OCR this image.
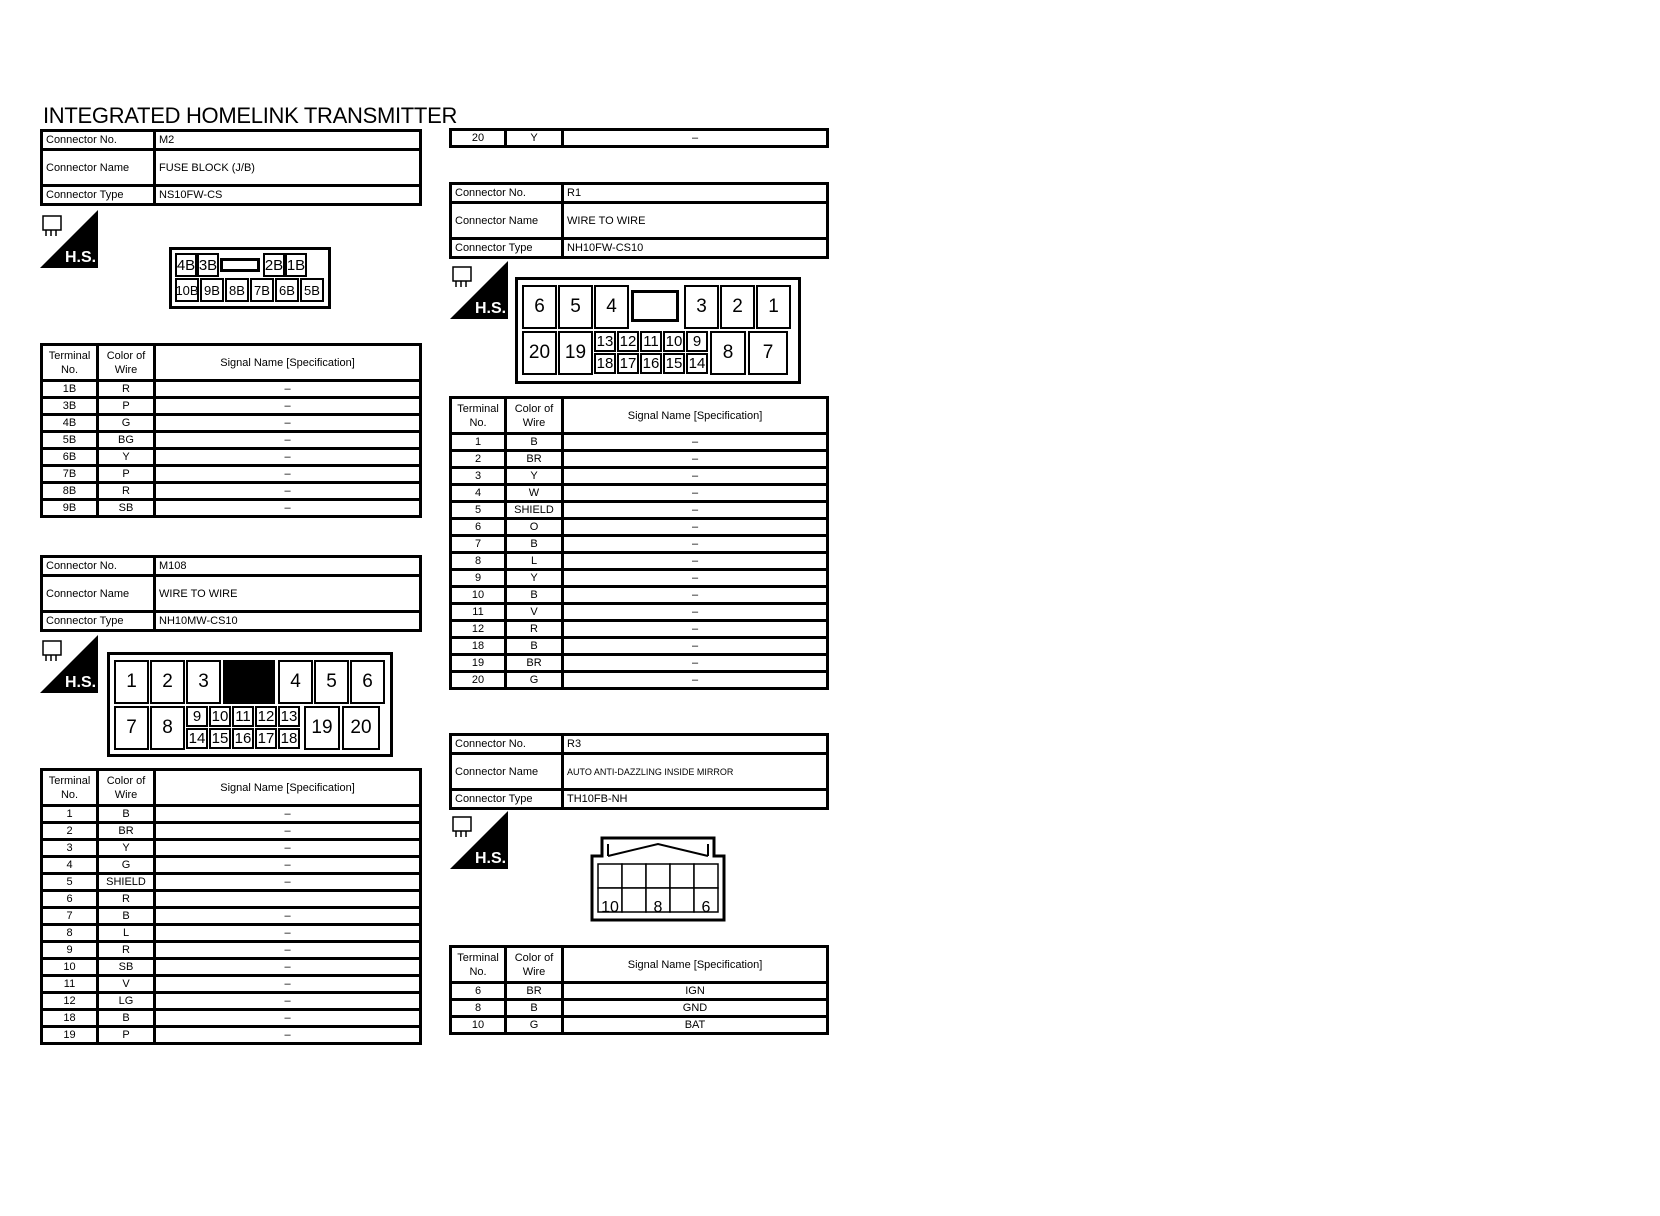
INTEGRATED HOMELINK TRANSMITTER
Connector No.	M2
Connector Name	FUSE BLOCK (J/B)
Connector Type	NS10FW-CS
H.S.	4B 3B	2B 1B
10B 9B 8B 7B 6B 5B
Terminal No.	Color of Wire	Signal Name [Specification]
1B	R	–
3B	P	–
4B	G	–
5B	BG	–
6B	Y	–
7B	P	–
8B	R	–
9B	SB	–
Connector No.	M108
Connector Name	WIRE TO WIRE
Connector Type	NH10MW-CS10
H.S.	1	2	3	4	5	6
7	8
9 10 11 12 13
14 15 16 17 18
19 20
Terminal No.	Color of Wire	Signal Name [Specification]
1	B	–
2	BR	–
3	Y	–
4	G	–
5	SHIELD	–
6	R	
7	B	–
8	L	–
9	R	–
10	SB	–
11	V	–
12	LG	–
18	B	–
19	P	–
20	Y	–
Connector No.	R1
Connector Name	WIRE TO WIRE
Connector Type	NH10FW-CS10
H.S.	6	5	4	3	2	1
20 19
13 12 11 10 9
18 17 16 15 14
8	7
Terminal No.	Color of Wire	Signal Name [Specification]
1	B	–
2	BR	–
3	Y	–
4	W	–
5	SHIELD	–
6	O	–
7	B	–
8	L	–
9	Y	–
10	B	–
11	V	–
12	R	–
18	B	–
19	BR	–
20	G	–
Connector No.	R3
Connector Name	AUTO ANTI-DAZZLING INSIDE MIRROR
Connector Type	TH10FB-NH
H.S.
10 8 6
Terminal No.	Color of Wire	Signal Name [Specification]
6	BR	IGN
8	B	GND
10	G	BAT
